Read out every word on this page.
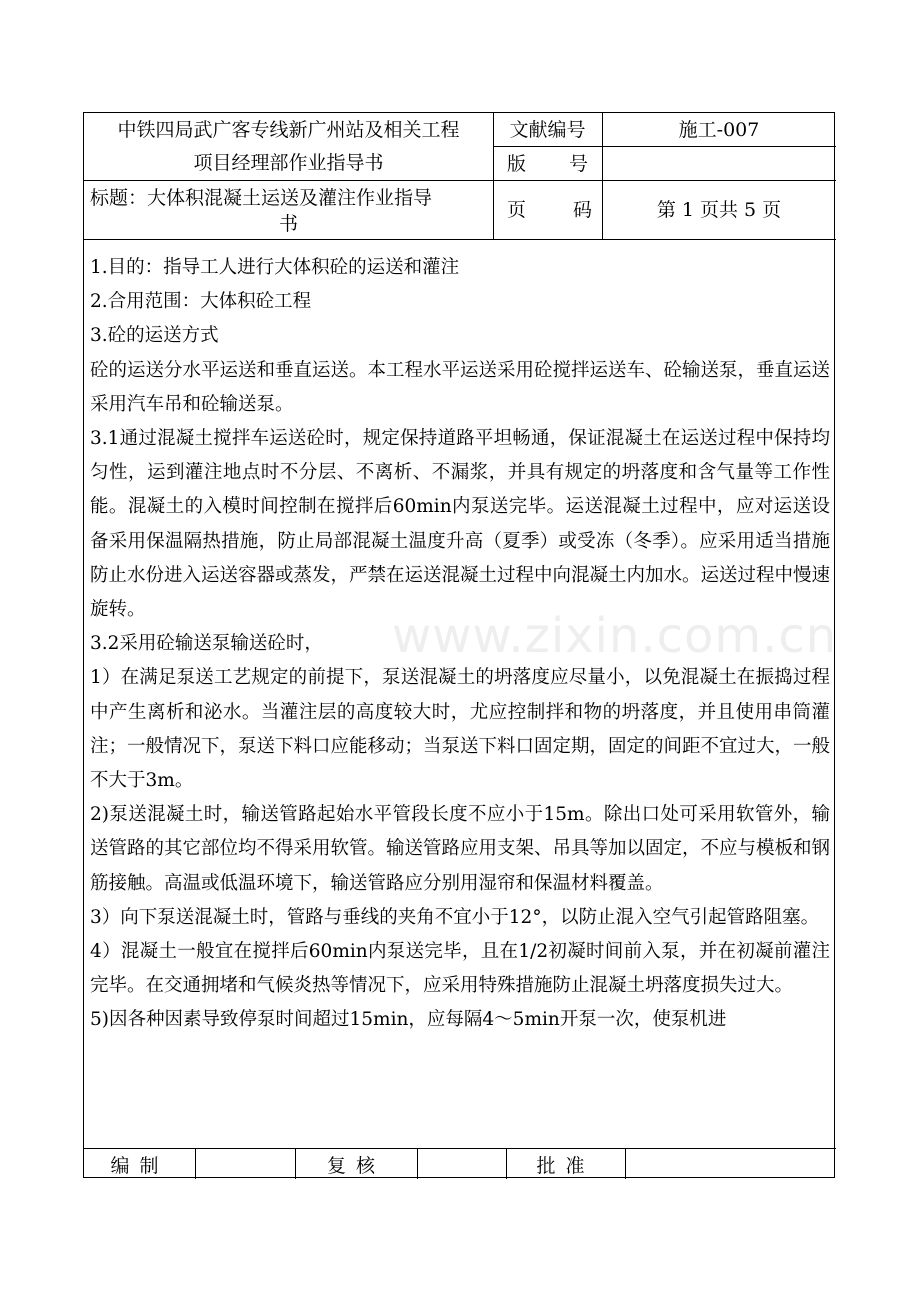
中铁四局武广客专线新广州站及相关工程
项目经理部作业指导书
文献编号	施工-007
版 号
标题：大体积混凝土运送及灌注作业指导
书
页 码	第 1 页共 5 页

1.目的：指导工人进行大体积砼的运送和灌注

2.合用范围：大体积砼工程

3.砼的运送方式

砼的运送分水平运送和垂直运送。本工程水平运送采用砼搅拌运送车、砼输送泵，垂直运送采用汽车吊和砼输送泵。

3.1通过混凝土搅拌车运送砼时，规定保持道路平坦畅通，保证混凝土在运送过程中保持均匀性，运到灌注地点时不分层、不离析、不漏浆，并具有规定的坍落度和含气量等工作性能。混凝土的入模时间控制在搅拌后60min内泵送完毕。运送混凝土过程中，应对运送设备采用保温隔热措施，防止局部混凝土温度升高（夏季）或受冻（冬季）。应采用适当措施防止水份进入运送容器或蒸发，严禁在运送混凝土过程中向混凝土内加水。运送过程中慢速旋转。

3.2采用砼输送泵输送砼时，

1）在满足泵送工艺规定的前提下，泵送混凝土的坍落度应尽量小，以免混凝土在振捣过程中产生离析和泌水。当灌注层的高度较大时，尤应控制拌和物的坍落度，并且使用串筒灌注；一般情况下，泵送下料口应能移动；当泵送下料口固定期，固定的间距不宜过大，一般不大于3m。

2)泵送混凝土时，输送管路起始水平管段长度不应小于15m。除出口处可采用软管外，输送管路的其它部位均不得采用软管。输送管路应用支架、吊具等加以固定，不应与模板和钢筋接触。高温或低温环境下，输送管路应分别用湿帘和保温材料覆盖。

3）向下泵送混凝土时，管路与垂线的夹角不宜小于12°，以防止混入空气引起管路阻塞。

4）混凝土一般宜在搅拌后60min内泵送完毕，且在1/2初凝时间前入泵，并在初凝前灌注完毕。在交通拥堵和气候炎热等情况下，应采用特殊措施防止混凝土坍落度损失过大。

5)因各种因素导致停泵时间超过15min，应每隔4～5min开泵一次，使泵机进

编制	复核	批准
www.zixin.com.cn
